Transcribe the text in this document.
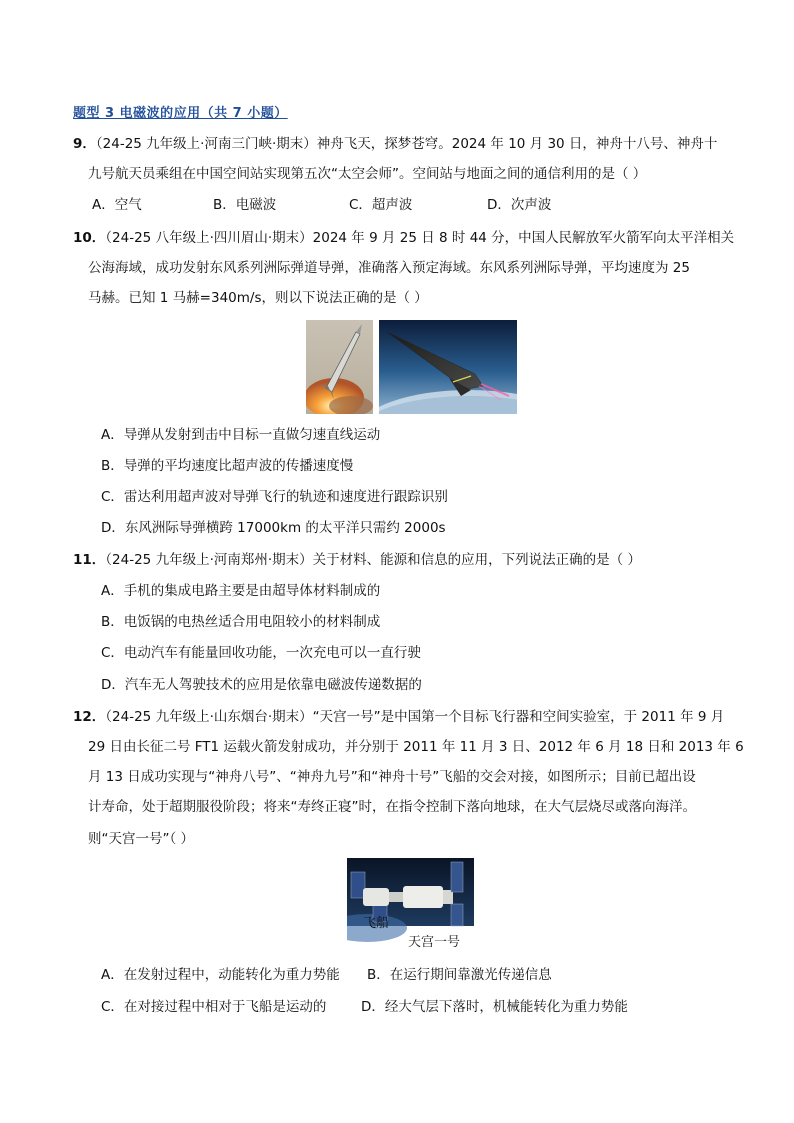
题型 3 电磁波的应用（共 7 小题）
9．（24-25 九年级上·河南三门峡·期末）神舟飞天，探梦苍穹。2024 年 10 月 30 日，神舟十八号、神舟十
九号航天员乘组在中国空间站实现第五次“太空会师”。空间站与地面之间的通信利用的是（ ）
A．空气	B．电磁波	C．超声波	D．次声波
10．（24-25 八年级上·四川眉山·期末）2024 年 9 月 25 日 8 时 44 分，中国人民解放军火箭军向太平洋相关
公海海域，成功发射东风系列洲际弹道导弹，准确落入预定海域。东风系列洲际导弹，平均速度为 25
马赫。已知 1 马赫=340m/s，则以下说法正确的是（ ）
A．导弹从发射到击中目标一直做匀速直线运动
B．导弹的平均速度比超声波的传播速度慢
C．雷达利用超声波对导弹飞行的轨迹和速度进行跟踪识别
D．东风洲际导弹横跨 17000km 的太平洋只需约 2000s
11．（24-25 九年级上·河南郑州·期末）关于材料、能源和信息的应用，下列说法正确的是（ ）
A．手机的集成电路主要是由超导体材料制成的
B．电饭锅的电热丝适合用电阻较小的材料制成
C．电动汽车有能量回收功能，一次充电可以一直行驶
D．汽车无人驾驶技术的应用是依靠电磁波传递数据的
12．（24-25 九年级上·山东烟台·期末）“天宫一号”是中国第一个目标飞行器和空间实验室，于 2011 年 9 月
29 日由长征二号 FT1 运载火箭发射成功，并分别于 2011 年 11 月 3 日、2012 年 6 月 18 日和 2013 年 6
月 13 日成功实现与“神舟八号”、“神舟九号”和“神舟十号”飞船的交会对接，如图所示；目前已超出设
计寿命，处于超期服役阶段；将来“寿终正寝”时，在指令控制下落向地球，在大气层烧尽或落向海洋。
则“天宫一号”（ ）
飞船
天宫一号
A．在发射过程中，动能转化为重力势能 B．在运行期间靠激光传递信息
C．在对接过程中相对于飞船是运动的	D．经大气层下落时，机械能转化为重力势能
